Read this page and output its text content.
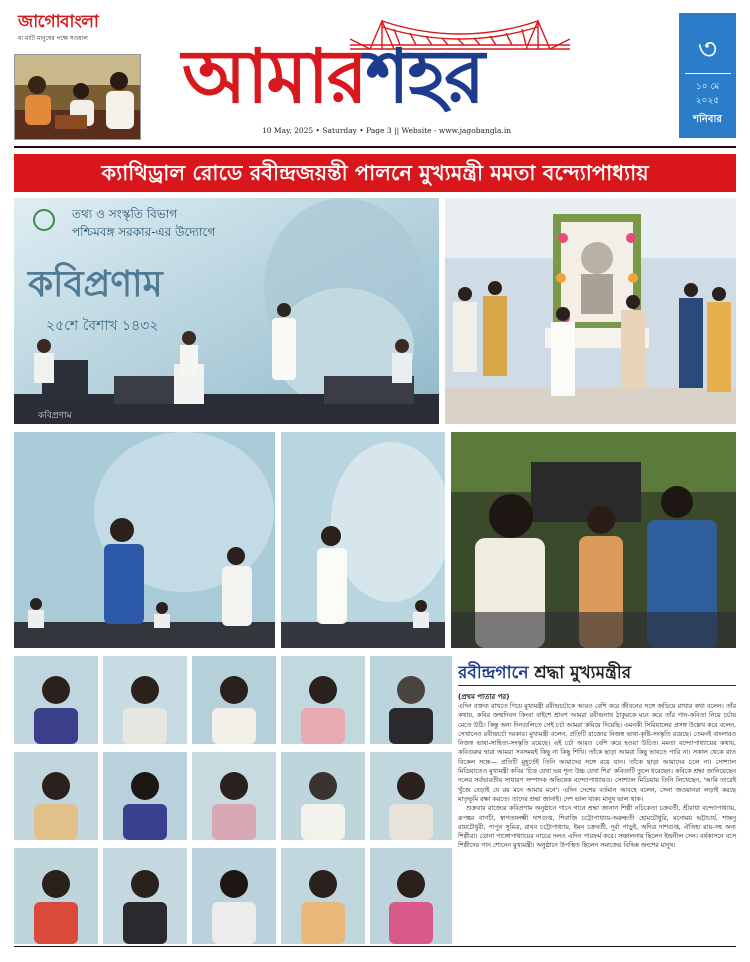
জাগোবাংলা
মা মাটি মানুষের পক্ষে সওয়াল	আমারশহর
10 May, 2025 • Saturday • Page 3 || Website - www.jagobangla.in
৩
১০ মে
২০২৫
শনিবার
ক্যাথিড্রাল রোডে রবীন্দ্রজয়ন্তী পালনে মুখ্যমন্ত্রী মমতা বন্দ্যোপাধ্যায়
তথ্য ও সংস্কৃতি বিভাগ
পশ্চিমবঙ্গ সরকার-এর উদ্যোগে
কবিপ্রণাম
২৫শে বৈশাখ ১৪৩২
কবিপ্রণাম
রবীন্দ্রগানে শ্রদ্ধা মুখ্যমন্ত্রীর
(প্রথম পাতার পর)

এদিন বক্তব্য রাখতে গিয়ে মুখ্যমন্ত্রী রবীন্দ্রচর্চাকে আরও বেশি করে জীবনের সঙ্গে জড়িয়ে রাখার কথা বলেন। তাঁর কথায়, কবির জন্মদিবস কিংবা বাইশে শ্রাবণ আমরা রবীন্দ্রনাথ ঠাকুরকে মনে করে তাঁর গান-কবিতা নিয়ে চর্চায় মেতে উঠি। কিন্তু অন্য দিনগুলিতে সেই চর্চা আমরা কমিয়ে দিয়েছি। এমনকী সিরিয়ালের প্রসঙ্গ উল্লেখ করে বলেন, সেখানেও রবীন্দ্রচর্চা দরকার। মুখ্যমন্ত্রী বলেন, প্রতিটি রাজ্যের নিজস্ব ভাষা-কৃষ্টি-সংস্কৃতি রয়েছে। তেমনই বাংলারও নিজস্ব ভাষা-সাহিত্য-সংস্কৃতি রয়েছে। এই চর্চা আরও বেশি করে হওয়া উচিত। মমতা বন্দ্যোপাধ্যায়ের কথায়, কবিগুরুর দ্বারা আমরা সবসময়ই কিছু না কিছু শিখি। তাঁকে ছাড়া আমরা কিছু ভাবতে পারি না। সকাল থেকে রাত বিকেল সন্ধে— প্রতিটি মুহূর্তেই তিনি আমাদের সঙ্গে রয়ে যান। তাঁকে ছাড়া আমাদের চলে না। সোশ্যাল মিডিয়াতেও মুখ্যমন্ত্রী কবির 'চিত্ত যেথা ভয় শূন্য উচ্চ যেথা শির' কবিতাটি তুলে ধরেছেন। কবিকে শ্রদ্ধা জানিয়েছেন দলের সর্বভারতীয় সাধারণ সম্পাদক অভিষেক বন্দ্যোপাধ্যায়ও। সোশ্যাল মিডিয়ায় তিনি লিখেছেন, 'আমি তারেই খুঁজে বেড়াই যে রয় মনে আমার মনে'। এদিন দেশের বর্তমান আবহে বলেন, সেনা জওয়ানরা লড়াই করছে মাতৃভূমি রক্ষা করতে। তাদের শ্রদ্ধা জানাই। দেশ ভাল থাক। মানুষ ভাল থাক।

শুক্রবার রাজ্যের কবিপ্রণাম অনুষ্ঠানে গানে গানে শ্রদ্ধা জানান শিল্পী নচিকেতা চক্রবর্তী, শ্রীরাধা বন্দ্যোপাধ্যায়, রূপঙ্কর বাগচী, স্বাগতালক্ষ্মী দাশগুপ্ত, শিবাজি চট্টোপাধ্যায়-অরুন্ধতী হোমচৌধুরি, মনোময় ভট্টাচার্য, শান্তনু রায়চৌধুরী, পাপুন সুমিত্র, রাঘব চট্টোপাধ্যায়, ইমন চক্রবর্তী, দূর্বা পাড়ুই, অদিত্র দাশগুপ্ত, ঐতিহ্য রায়-সহ অন্য শিল্পীরা। ডোনা গাঙ্গোপাধ্যায়ের নাচের দলও এদিন পারফর্ম করে। সঞ্চালনায় ছিলেন ইন্দ্রনীল সেন। বর্ষকাসনে বসে শিল্পীদের গান শোনেন মুখ্যমন্ত্রী। অনুষ্ঠানে উপস্থিত ছিলেন সমাজের বিভিন্ন অংশের মানুষ।
